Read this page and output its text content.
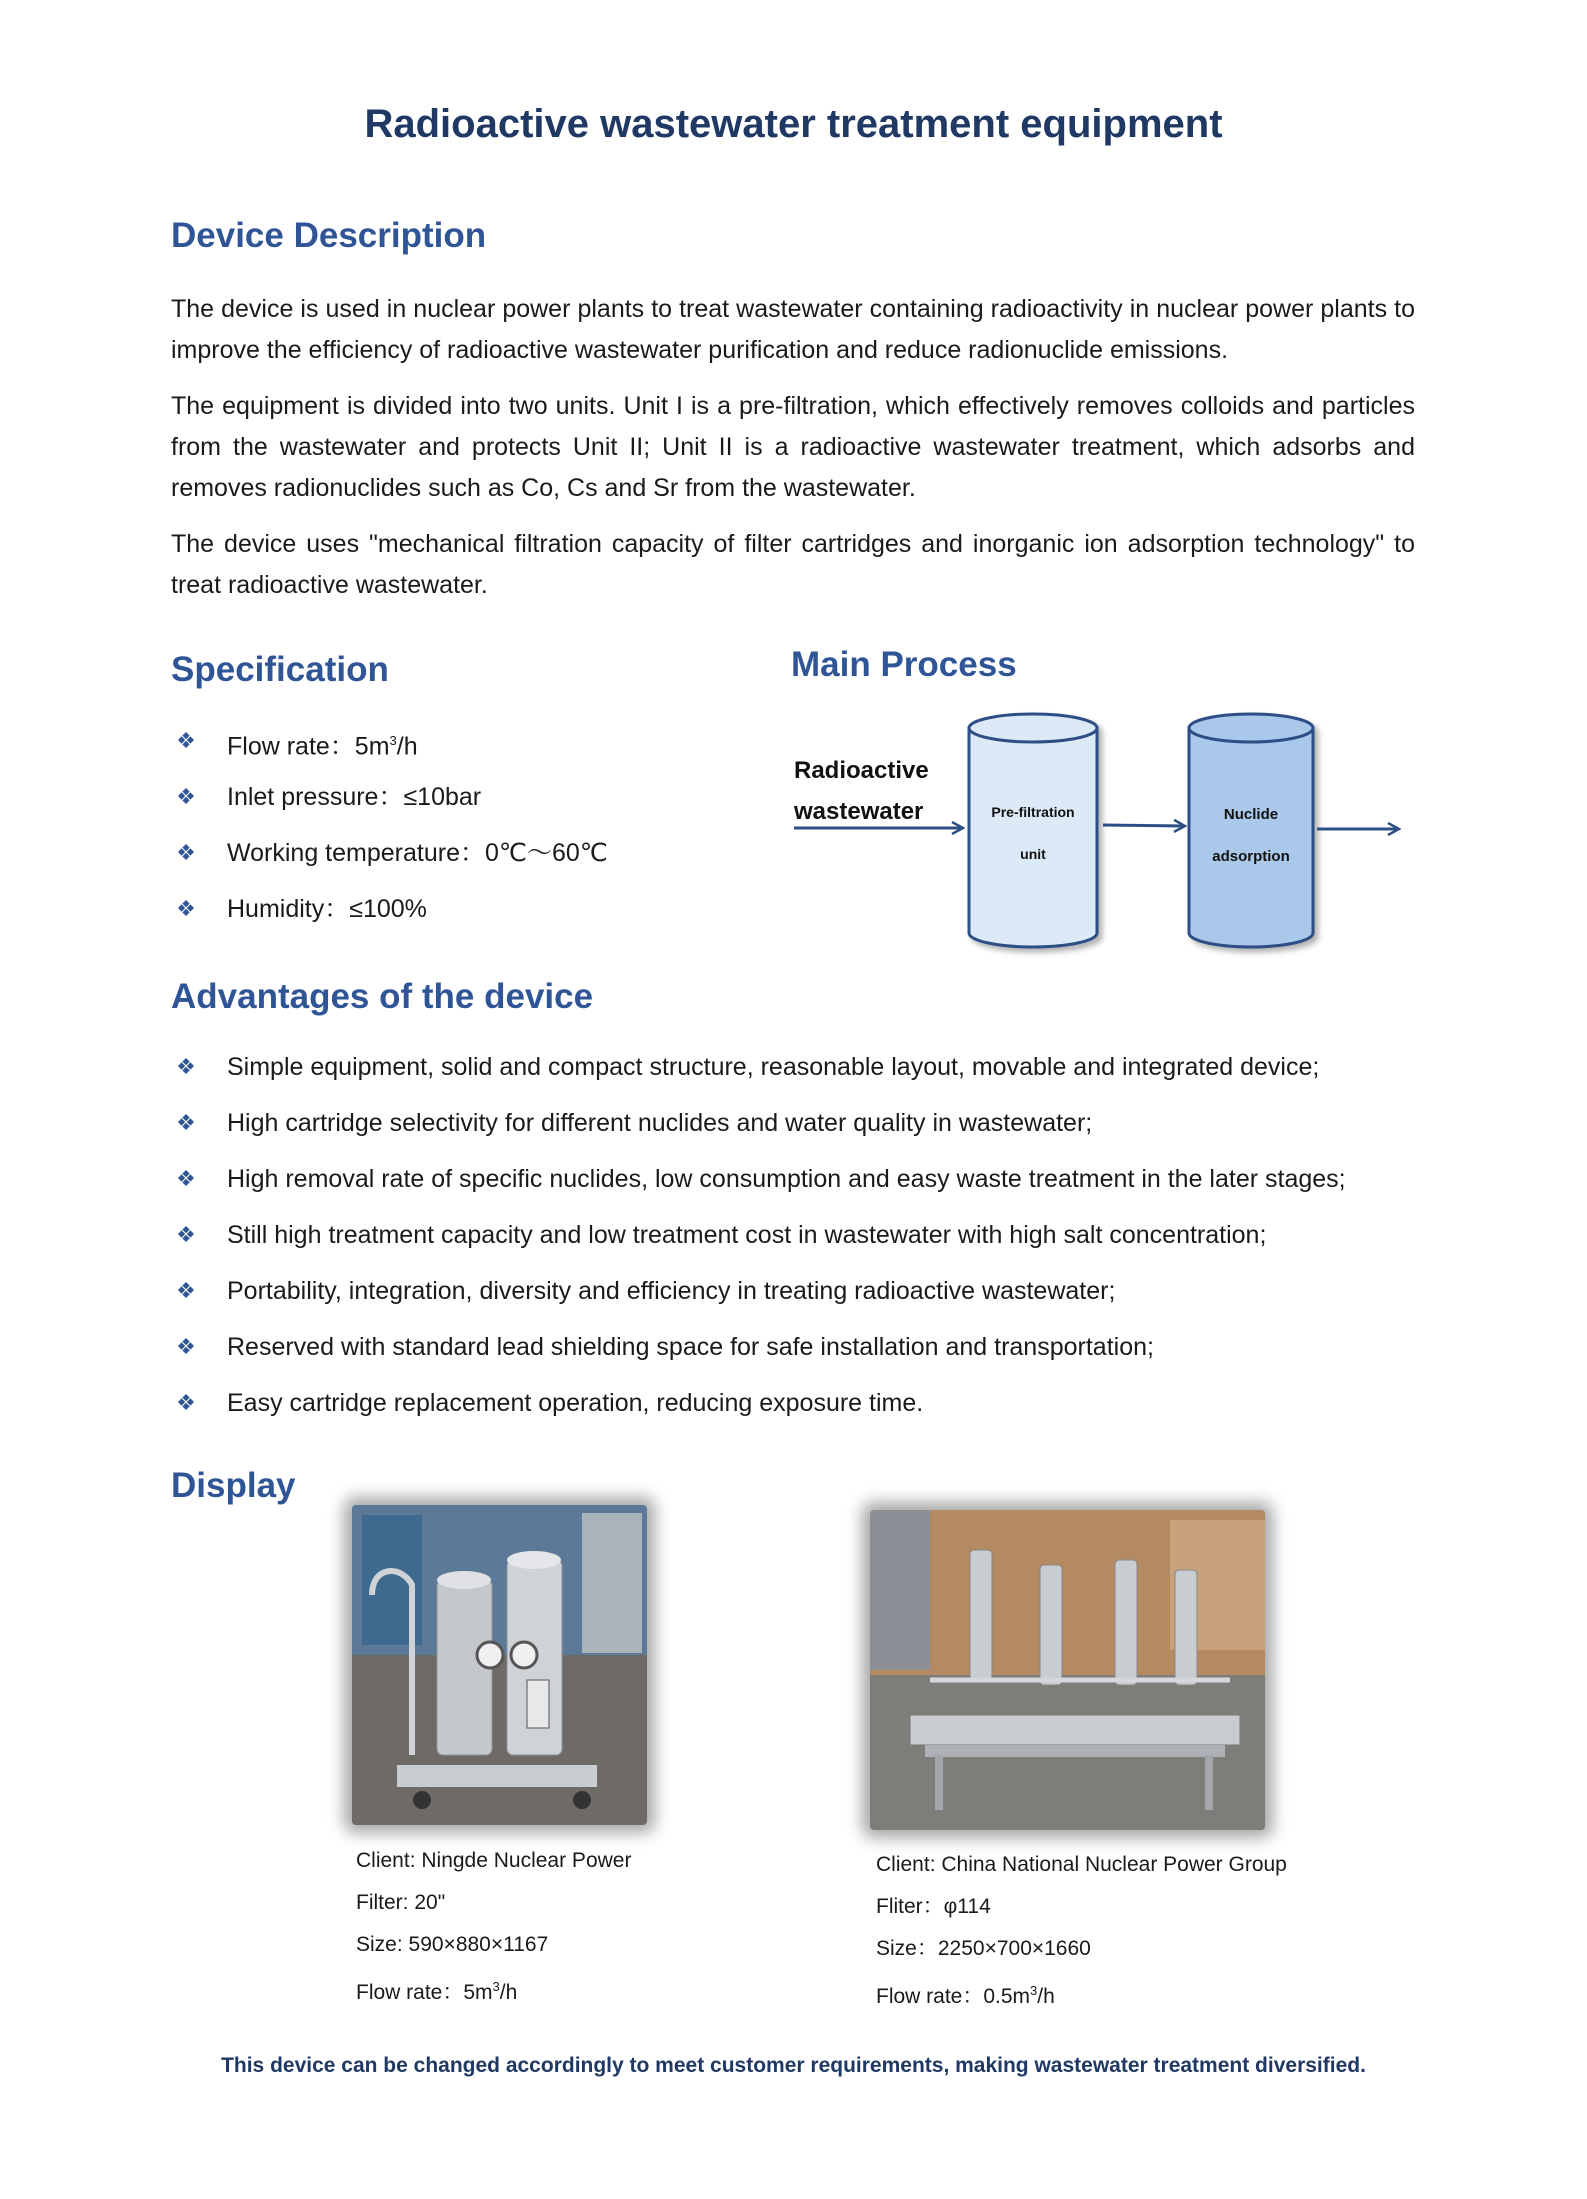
Radioactive wastewater treatment equipment
Device Description
The device is used in nuclear power plants to treat wastewater containing radioactivity in nuclear power plants to improve the efficiency of radioactive wastewater purification and reduce radionuclide emissions.
The equipment is divided into two units. Unit I is a pre-filtration, which effectively removes colloids and particles from the wastewater and protects Unit II; Unit II is a radioactive wastewater treatment, which adsorbs and removes radionuclides such as Co, Cs and Sr from the wastewater.
The device uses "mechanical filtration capacity of filter cartridges and inorganic ion adsorption technology" to treat radioactive wastewater.
Specification
❖ Flow rate：$5m^3/h$
❖ Inlet pressure：≤10bar
❖ Working temperature：0℃～60℃
❖ Humidity：≤100%
Main Process
Radioactive
wastewater	Pre-filtration
unit
Nuclide
adsorption
Advantages of the device
❖ Simple equipment, solid and compact structure, reasonable layout, movable and integrated device;
❖ High cartridge selectivity for different nuclides and water quality in wastewater;
❖ High removal rate of specific nuclides, low consumption and easy waste treatment in the later stages;
❖ Still high treatment capacity and low treatment cost in wastewater with high salt concentration;
❖ Portability, integration, diversity and efficiency in treating radioactive wastewater;
❖ Reserved with standard lead shielding space for safe installation and transportation;
❖ Easy cartridge replacement operation, reducing exposure time.
Display
Client: Ningde Nuclear Power
Filter: 20"
Size: 590×880×1167
Flow rate：$5m^3/h$
Client: China National Nuclear Power Group
Fliter：φ114
Size：2250×700×1660
Flow rate：$0.5m^3/h$
This device can be changed accordingly to meet customer requirements, making wastewater treatment diversified.
